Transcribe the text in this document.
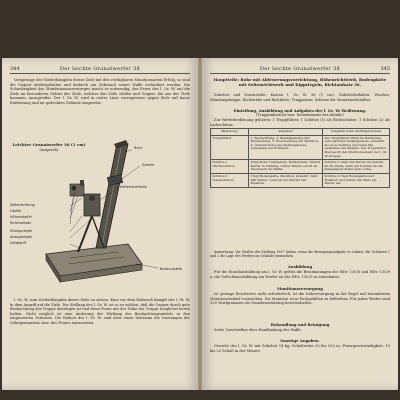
344	Der leichte Granatwerfer 36

Vorsprünge des Niederkämpfen dieser Ziele mit den verfügbaren Munitionsarten Erfolg, so sind die Gegner niedergehalten und dadurch am Gebrauch seiner Waffe verhindert werden. Die Scharfzeigkeit des Mundstaumassenverges macht es notwendig, das Feuer des l. Gr. W. auf die Ziele im besonderen Gebiet der Ziele, welches das Ziele stellen und Gegner, die aus der Tiefe kommen, anzugreifen. Der l. Gr. W. wird in erster Linie vorzugsweise gegen Ziele auf kurze Entfernung und im gedeckten Gelände eingesetzt.

Leichter Granatwerfer 36 (1 cm)
(Ansprech)	Rohr
Schelle
Höhenrichttrieb
Seitenrichtung
Libelle
Höhenstaffel
Richtaufsatz
Einkippriegel
Abzugsbügel
Haltegriff
Boden-platte

l. Gr. W. zum Niederkämpfen dieser Ziele zu setzen. Kurz vor dem Einbruch kämpft der l. Gr. W. in dem Angriff auf die Ziele. Die Stellung des l. Gr. W. ist so zu wählen, daß die Gegner durch gute Beobachtung der Truppe überlegen ist und diese Feuer mit der Nähe der Truppe möglichst bereit halten. Nicht möglich ist eine Änderung der Wirkung des Beobachtungsmittels in den eingesetzten Zeitraum. Die Einheit der l. Gr. W. sind über einen Zeitraum die Leistungen der Gebirgsmunition bzw. des Feuers einzusetzen.

345
Der leichte Granatwerfer 36
Hauptteile: Rohr mit Abfeuerungsvorrichtung, Höhenrichttrieb, Bodenplatte mit Seitenrichtwerk und Kippriegeln, Richtaufsatz 36.

Zubehör und Vorratsteile: Kasten l. Gr. W. 36 (1 cm), Zubehörbehälter, Wischer, Mündungskappe, Richtstäbe und Richtlatte, Tragpanzer, Schiene für Munitionsbehälter.

Einteilung, Ausbildung und Aufgaben der l. Gr. W.-Bedienung.
(Truppenbericht bzw. Diensteinsatz des Inhalts)

Zur Werferbedienung gehören: 1 Truppführer, 1 Schütze (1) als Richtschütze, 1 Schütze (2) als Ladeschütze.

Bedienung	Aufgaben	Aufgaben beim Stellungswechsel
Truppführer	1. Beobachtung, 2. Befehlsgebung und Feuerleitung, 3. Überwachung der Munition, 4. Überwachung des Stellungsbaues, Anweisung der Schützen.	Der Truppführer führt die Bedienung zum nächsten Stellungsraum, erkundet die neue Stellung und leitet das Aufstellen des Werfers. Der Truppführer überwacht den Munitionsersatz der l. Gr. W.-Gruppe.
Schütze 1 (Richtschütze)	Trägt Rohr, Tragriemen, Richtaufsatz. Nimmt Werfer in Stellung, richtet Werfer, feuert ab. Überwacht die Waffe.	Schütze 1 trägt den Werfer im Gefecht an die Stelle, dann der Schütze an der festgelegten Stelle nach vorne.
Schütze 2 (Ladeschütze)	Trägt Bodenplatte, Munition, Zubehör. Lädt, hält Werfer, versorgt den Werfer mit Munition.	Schütze 2 trägt Bodenplatte und Munition und nimmt den Platz am Werfer ein.

Anmerkung: Vor Werfen der Stellung 1937 haben, wenn die Bewegungsaufgabe es zulässt, die Schützen 1 und 2 die Lage des Werfers im Gelände einzusehen.

Ausbildung

Für die Einzelausbildung am l. Gr. W. gelten die Bestimmungen der HDv. 130/8 und HDv. 130/9 a, die Gefechtsausbildung am Werfer ist der HDv. 130/9 zu entnehmen.

Munitionsversorgung

Ist geringe Reichweite nicht erforderlich, ist die Nahversorgung in der Regel mit besonderem Munitionsbedarf vorzusehen. Die Munition ist in Packgefäßen zu befördern. Für jeden Werfer sind 120 Wurfgranaten als Grundausstattung bereitzuhalten.

Behandlung und Reinigung

Siehe Vorschriften über Handhabung der Waffe.

Sonstige Angaben.

Gewicht des l. Gr. W. mit Zubehör 14 kg; Schußweite 25 bis 520 m; Feuergeschwindigkeit: 15 bis 20 Schuß in der Minute.
